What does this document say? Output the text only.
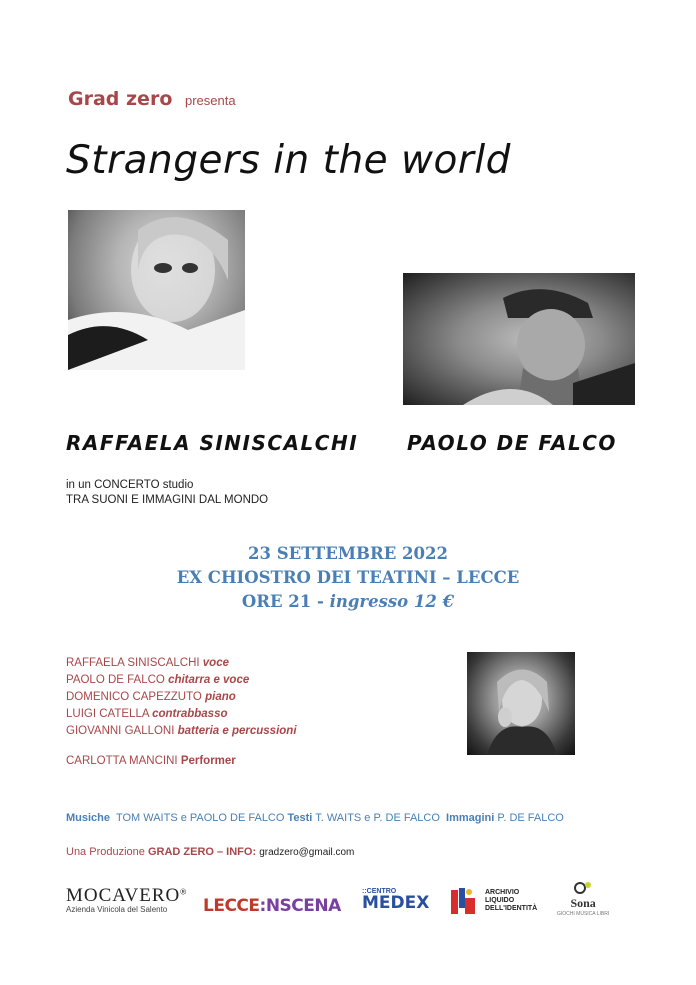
Grad zero presenta
Strangers in the world
RAFFAELA SINISCALCHI PAOLO DE FALCO
in un CONCERTO studio
TRA SUONI E IMMAGINI DAL MONDO
23 SETTEMBRE 2022
EX CHIOSTRO DEI TEATINI – LECCE
ORE 21 - ingresso 12 €
RAFFAELA SINISCALCHI voce
PAOLO DE FALCO chitarra e voce
DOMENICO CAPEZZUTO piano
LUIGI CATELLA contrabbasso
GIOVANNI GALLONI batteria e percussioni
CARLOTTA MANCINI Performer
Musiche TOM WAITS e PAOLO DE FALCO Testi T. WAITS e P. DE FALCO Immagini P. DE FALCO
Una Produzione GRAD ZERO – INFO: gradzero@gmail.com
MOCAVERO®
Azienda Vinicola del Salento LECCE :NSCENA
::CENTRO
MEDEX
ARCHIVIO
LIQUIDO
DELL'IDENTITÀ	Sona
GIOCHI MUSICA LIBRI
